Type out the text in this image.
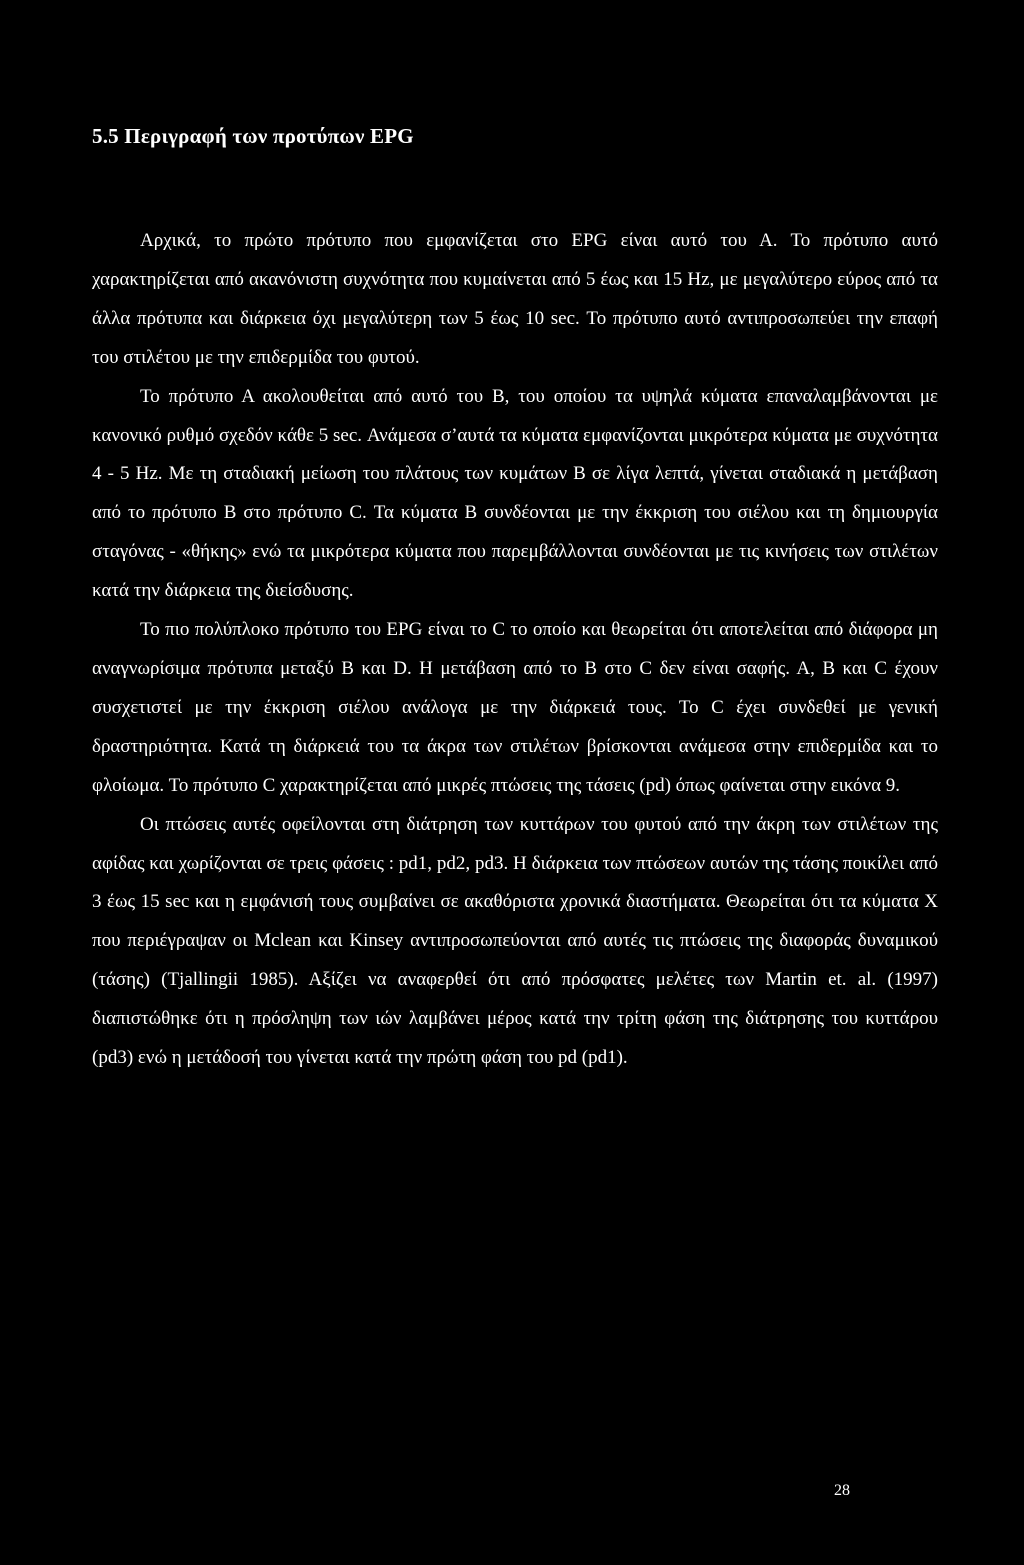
5.5 Περιγραφή των προτύπων EPG

Αρχικά, το πρώτο πρότυπο που εμφανίζεται στο EPG είναι αυτό του Α. Το πρότυπο αυτό χαρακτηρίζεται από ακανόνιστη συχνότητα που κυμαίνεται από 5 έως και 15 Hz, με μεγαλύτερο εύρος από τα άλλα πρότυπα και διάρκεια όχι μεγαλύτερη των 5 έως 10 sec. Το πρότυπο αυτό αντιπροσωπεύει την επαφή του στιλέτου με την επιδερμίδα του φυτού.

Το πρότυπο Α ακολουθείται από αυτό του Β, του οποίου τα υψηλά κύματα επαναλαμβάνονται με κανονικό ρυθμό σχεδόν κάθε 5 sec. Ανάμεσα σ’αυτά τα κύματα εμφανίζονται μικρότερα κύματα με συχνότητα 4 - 5 Hz. Με τη σταδιακή μείωση του πλάτους των κυμάτων Β σε λίγα λεπτά, γίνεται σταδιακά η μετάβαση από το πρότυπο Β στο πρότυπο C. Τα κύματα Β συνδέονται με την έκκριση του σιέλου και τη δημιουργία σταγόνας - «θήκης» ενώ τα μικρότερα κύματα που παρεμβάλλονται συνδέονται με τις κινήσεις των στιλέτων κατά την διάρκεια της διείσδυσης.

Το πιο πολύπλοκο πρότυπο του EPG είναι το C το οποίο και θεωρείται ότι αποτελείται από διάφορα μη αναγνωρίσιμα πρότυπα μεταξύ Β και D. Η μετάβαση από το Β στο C δεν είναι σαφής. Α, Β και C έχουν συσχετιστεί με την έκκριση σιέλου ανάλογα με την διάρκειά τους. Το C έχει συνδεθεί με γενική δραστηριότητα. Κατά τη διάρκειά του τα άκρα των στιλέτων βρίσκονται ανάμεσα στην επιδερμίδα και το φλοίωμα. Το πρότυπο C χαρακτηρίζεται από μικρές πτώσεις της τάσεις (pd) όπως φαίνεται στην εικόνα 9.

Οι πτώσεις αυτές οφείλονται στη διάτρηση των κυττάρων του φυτού από την άκρη των στιλέτων της αφίδας και χωρίζονται σε τρεις φάσεις : pd1, pd2, pd3. Η διάρκεια των πτώσεων αυτών της τάσης ποικίλει από 3 έως 15 sec και η εμφάνισή τους συμβαίνει σε ακαθόριστα χρονικά διαστήματα. Θεωρείται ότι τα κύματα Χ που περιέγραψαν οι Mclean και Kinsey αντιπροσωπεύονται από αυτές τις πτώσεις της διαφοράς δυναμικού (τάσης) (Tjallingii 1985). Αξίζει να αναφερθεί ότι από πρόσφατες μελέτες των Martin et. al. (1997) διαπιστώθηκε ότι η πρόσληψη των ιών λαμβάνει μέρος κατά την τρίτη φάση της διάτρησης του κυττάρου (pd3) ενώ η μετάδοσή του γίνεται κατά την πρώτη φάση του pd (pd1).

28
